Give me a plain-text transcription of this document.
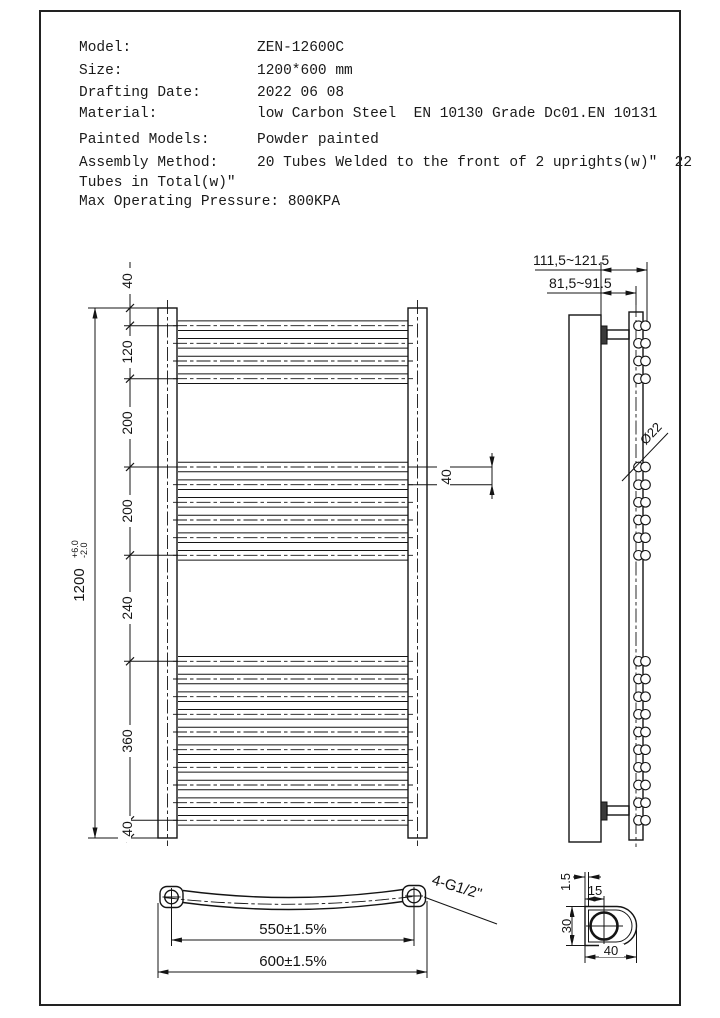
Model:	ZEN-12600C
Size:	1200*600 mm
Drafting Date:	2022 06 08
Material:	low Carbon Steel  EN 10130 Grade Dc01.EN 10131
Painted Models:	Powder painted
Assembly Method:	20 Tubes Welded to the front of 2 uprights(w)"  22
Tubes in Total(w)"
Max Operating Pressure: 800KPA
1200
+6.0 -2.0
40
120
200
200
240
360
40
40
111,5~121.5
81,5~91.5
Ø22
4-G1/2"
550±1.5%
600±1.5%
1.5 15
30
40
